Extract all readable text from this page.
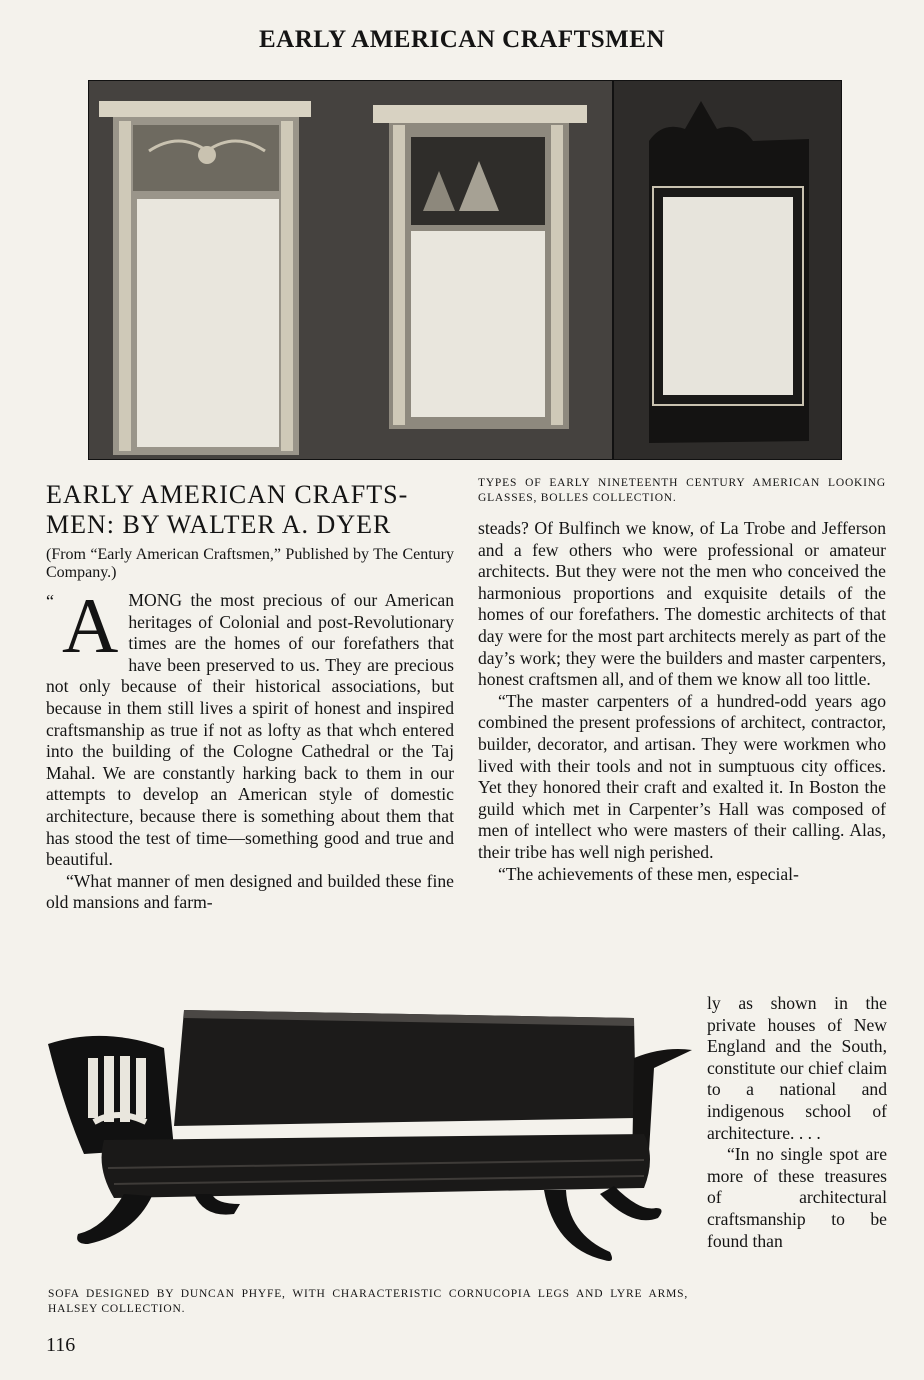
EARLY AMERICAN CRAFTSMEN
EARLY AMERICAN CRAFTS-
MEN: BY WALTER A. DYER

(From “Early American Craftsmen,” Published by The Century Company.)

“ A MONG the most precious of our American heritages of Colonial and post-Revolutionary times are the homes of our forefathers that have been preserved to us. They are precious not only because of their historical associations, but because in them still lives a spirit of honest and inspired craftsmanship as true if not as lofty as that whch entered into the building of the Cologne Cathedral or the Taj Mahal. We are constantly harking back to them in our attempts to develop an American style of domestic architecture, because there is something about them that has stood the test of time—something good and true and beautiful.

“What manner of men designed and builded these fine old mansions and farm-

TYPES OF EARLY NINETEENTH CENTURY AMERICAN LOOKING GLASSES, BOLLES COLLECTION.

steads? Of Bulfinch we know, of La Trobe and Jefferson and a few others who were professional or amateur architects. But they were not the men who conceived the harmonious proportions and exquisite details of the homes of our forefathers. The domestic architects of that day were for the most part architects merely as part of the day’s work; they were the builders and master carpenters, honest craftsmen all, and of them we know all too little.

“The master carpenters of a hundred-odd years ago combined the present professions of architect, contractor, builder, decorator, and artisan. They were workmen who lived with their tools and not in sumptuous city offices. Yet they honored their craft and exalted it. In Boston the guild which met in Carpenter’s Hall was composed of men of intellect who were masters of their calling. Alas, their tribe has well nigh perished.

“The achievements of these men, especial-

ly as shown in the private houses of New England and the South, constitute our chief claim to a national and indigenous school of architecture. . . .

“In no single spot are more of these treasures of architectural craftsmanship to be found than

SOFA DESIGNED BY DUNCAN PHYFE, WITH CHARACTERISTIC CORNUCOPIA LEGS AND LYRE ARMS, HALSEY COLLECTION.
116
